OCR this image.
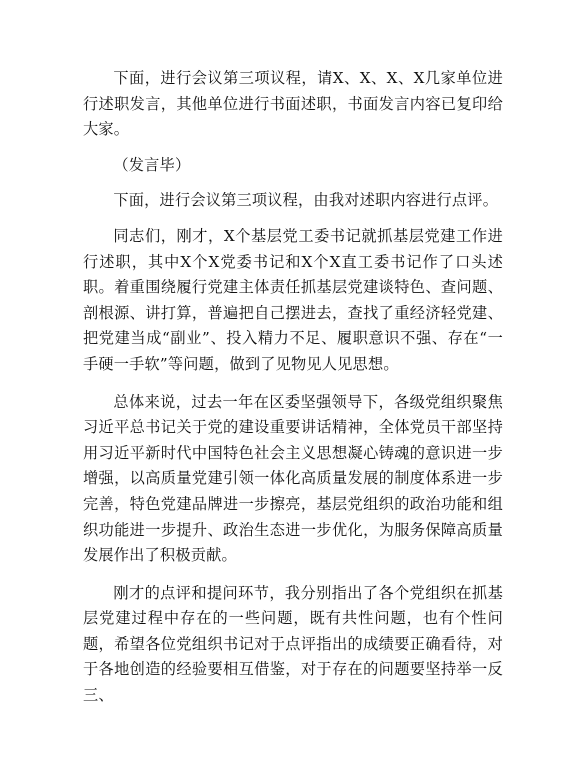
下面，进行会议第三项议程，请X、X、X、X几家单位进行述职发言，其他单位进行书面述职，书面发言内容已复印给大家。

（发言毕）

下面，进行会议第三项议程，由我对述职内容进行点评。

同志们，刚才，X个基层党工委书记就抓基层党建工作进行述职，其中X个X党委书记和X个X直工委书记作了口头述职。着重围绕履行党建主体责任抓基层党建谈特色、查问题、剖根源、讲打算，普遍把自己摆进去，查找了重经济轻党建、把党建当成“副业”、投入精力不足、履职意识不强、存在“一手硬一手软”等问题，做到了见物见人见思想。

总体来说，过去一年在区委坚强领导下，各级党组织聚焦习近平总书记关于党的建设重要讲话精神，全体党员干部坚持用习近平新时代中国特色社会主义思想凝心铸魂的意识进一步增强，以高质量党建引领一体化高质量发展的制度体系进一步完善，特色党建品牌进一步擦亮，基层党组织的政治功能和组织功能进一步提升、政治生态进一步优化，为服务保障高质量发展作出了积极贡献。

刚才的点评和提问环节，我分别指出了各个党组织在抓基层党建过程中存在的一些问题，既有共性问题，也有个性问题，希望各位党组织书记对于点评指出的成绩要正确看待，对于各地创造的经验要相互借鉴，对于存在的问题要坚持举一反三、
